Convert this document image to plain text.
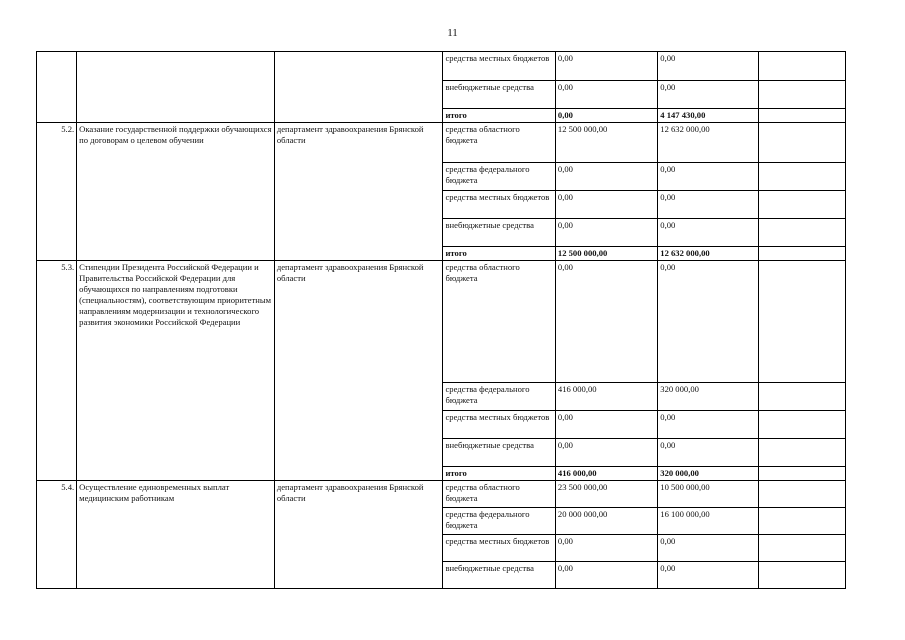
11
			средства местных бюджетов	0,00	0,00	
			внебюджетные средства	0,00	0,00	
			итого	0,00	4 147 430,00	
5.2.	Оказание государственной поддержки обучающихся по договорам о целевом обучении	департамент здравоохранения Брянской области	средства областного бюджета	12 500 000,00	12 632 000,00	
			средства федерального бюджета	0,00	0,00	
			средства местных бюджетов	0,00	0,00	
			внебюджетные средства	0,00	0,00	
			итого	12 500 000,00	12 632 000,00	
5.3.	Стипендии Президента Российской Федерации и Правительства Российской Федерации для обучающихся по направлениям подготовки (специальностям), соответствующим приоритетным направлениям модернизации и технологического развития экономики Российской Федерации	департамент здравоохранения Брянской области	средства областного бюджета	0,00	0,00	
			средства федерального бюджета	416 000,00	320 000,00	
			средства местных бюджетов	0,00	0,00	
			внебюджетные средства	0,00	0,00	
			итого	416 000,00	320 000,00	
5.4.	Осуществление единовременных выплат медицинским работникам	департамент здравоохранения Брянской области	средства областного бюджета	23 500 000,00	10 500 000,00	
			средства федерального бюджета	20 000 000,00	16 100 000,00	
			средства местных бюджетов	0,00	0,00	
			внебюджетные средства	0,00	0,00	
